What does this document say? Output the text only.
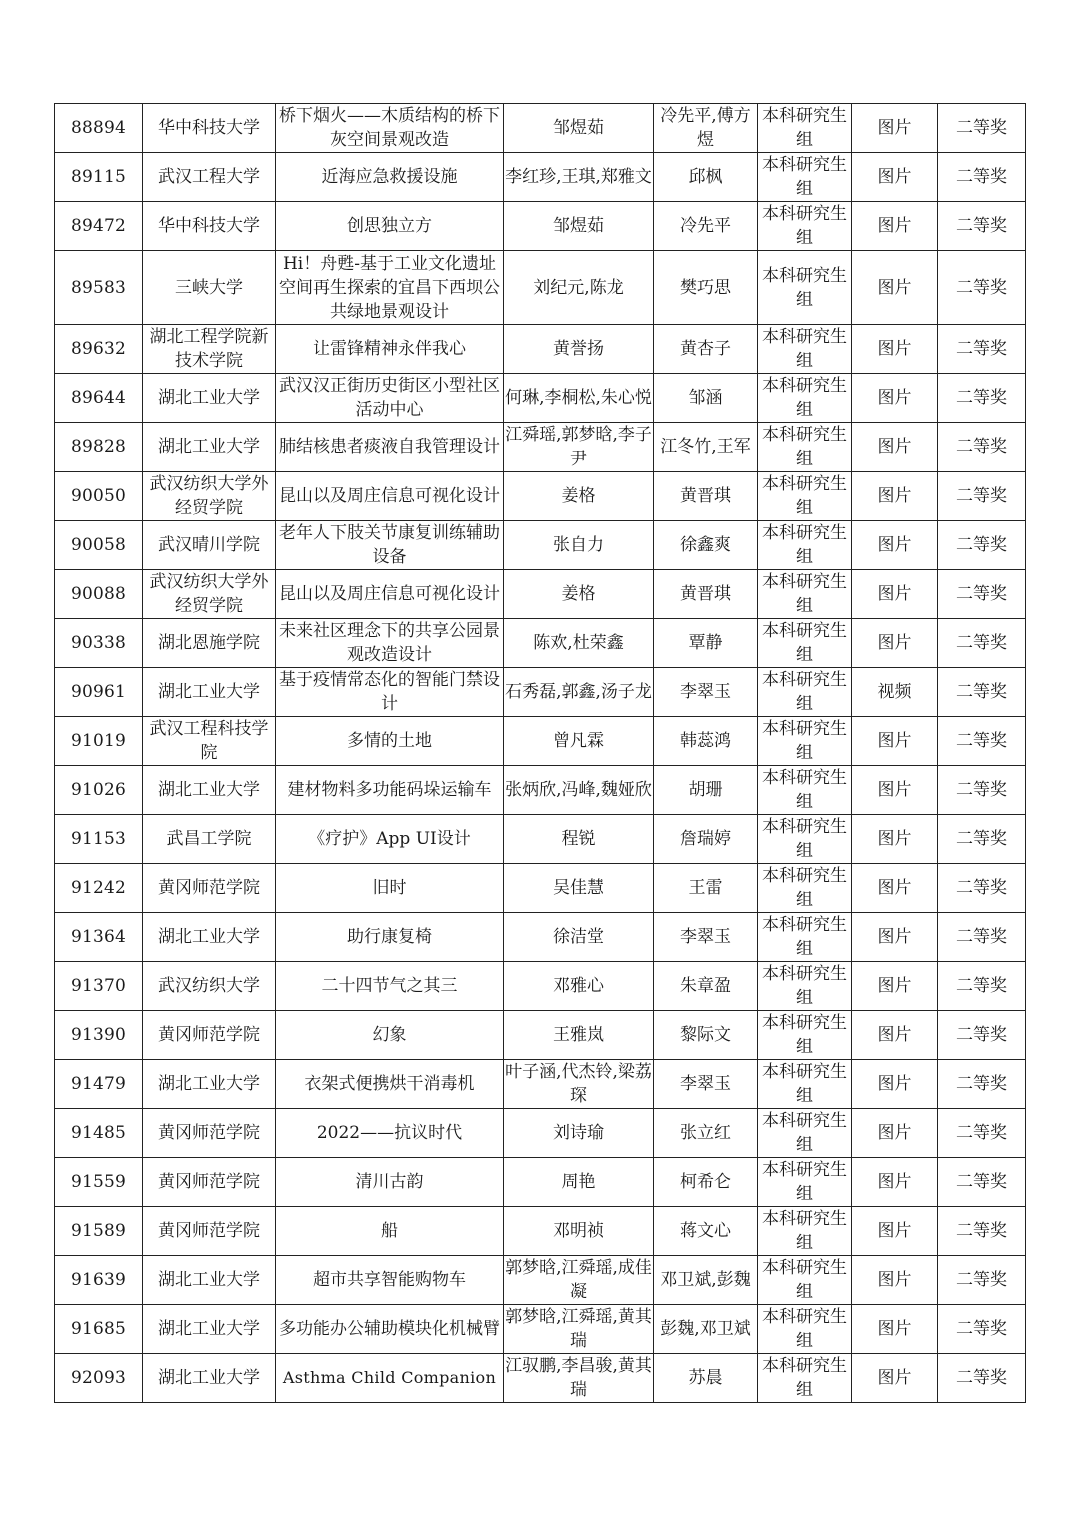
88894	华中科技大学	桥下烟火——木质结构的桥下灰空间景观改造	邹煜茹	冷先平,傅方煜	本科研究生组	图片	二等奖
89115	武汉工程大学	近海应急救援设施	李红珍,王琪,郑雅文	邱枫	本科研究生组	图片	二等奖
89472	华中科技大学	创思独立方	邹煜茹	冷先平	本科研究生组	图片	二等奖
89583	三峡大学	Hi！舟甦-基于工业文化遗址空间再生探索的宜昌下西坝公共绿地景观设计	刘纪元,陈龙	樊巧思	本科研究生组	图片	二等奖
89632	湖北工程学院新技术学院	让雷锋精神永伴我心	黄誉扬	黄杏子	本科研究生组	图片	二等奖
89644	湖北工业大学	武汉汉正街历史街区小型社区活动中心	何琳,李桐松,朱心悦	邹涵	本科研究生组	图片	二等奖
89828	湖北工业大学	肺结核患者痰液自我管理设计	江舜瑶,郭梦晗,李子尹	江冬竹,王军	本科研究生组	图片	二等奖
90050	武汉纺织大学外经贸学院	昆山以及周庄信息可视化设计	姜格	黄晋琪	本科研究生组	图片	二等奖
90058	武汉晴川学院	老年人下肢关节康复训练辅助设备	张自力	徐鑫爽	本科研究生组	图片	二等奖
90088	武汉纺织大学外经贸学院	昆山以及周庄信息可视化设计	姜格	黄晋琪	本科研究生组	图片	二等奖
90338	湖北恩施学院	未来社区理念下的共享公园景观改造设计	陈欢,杜荣鑫	覃静	本科研究生组	图片	二等奖
90961	湖北工业大学	基于疫情常态化的智能门禁设计	石秀磊,郭鑫,汤子龙	李翠玉	本科研究生组	视频	二等奖
91019	武汉工程科技学院	多情的土地	曾凡霖	韩蕊鸿	本科研究生组	图片	二等奖
91026	湖北工业大学	建材物料多功能码垛运输车	张炳欣,冯峰,魏娅欣	胡珊	本科研究生组	图片	二等奖
91153	武昌工学院	《疗护》App UI设计	程锐	詹瑞婷	本科研究生组	图片	二等奖
91242	黄冈师范学院	旧时	吴佳慧	王雷	本科研究生组	图片	二等奖
91364	湖北工业大学	助行康复椅	徐洁堂	李翠玉	本科研究生组	图片	二等奖
91370	武汉纺织大学	二十四节气之其三	邓雅心	朱章盈	本科研究生组	图片	二等奖
91390	黄冈师范学院	幻象	王雅岚	黎际文	本科研究生组	图片	二等奖
91479	湖北工业大学	衣架式便携烘干消毒机	叶子涵,代杰铃,梁荔琛	李翠玉	本科研究生组	图片	二等奖
91485	黄冈师范学院	2022——抗议时代	刘诗瑜	张立红	本科研究生组	图片	二等奖
91559	黄冈师范学院	清川古韵	周艳	柯希仑	本科研究生组	图片	二等奖
91589	黄冈师范学院	船	邓明祯	蒋文心	本科研究生组	图片	二等奖
91639	湖北工业大学	超市共享智能购物车	郭梦晗,江舜瑶,成佳凝	邓卫斌,彭魏	本科研究生组	图片	二等奖
91685	湖北工业大学	多功能办公辅助模块化机械臂	郭梦晗,江舜瑶,黄其瑞	彭魏,邓卫斌	本科研究生组	图片	二等奖
92093	湖北工业大学	Asthma Child Companion	江驭鹏,李昌骏,黄其瑞	苏晨	本科研究生组	图片	二等奖
